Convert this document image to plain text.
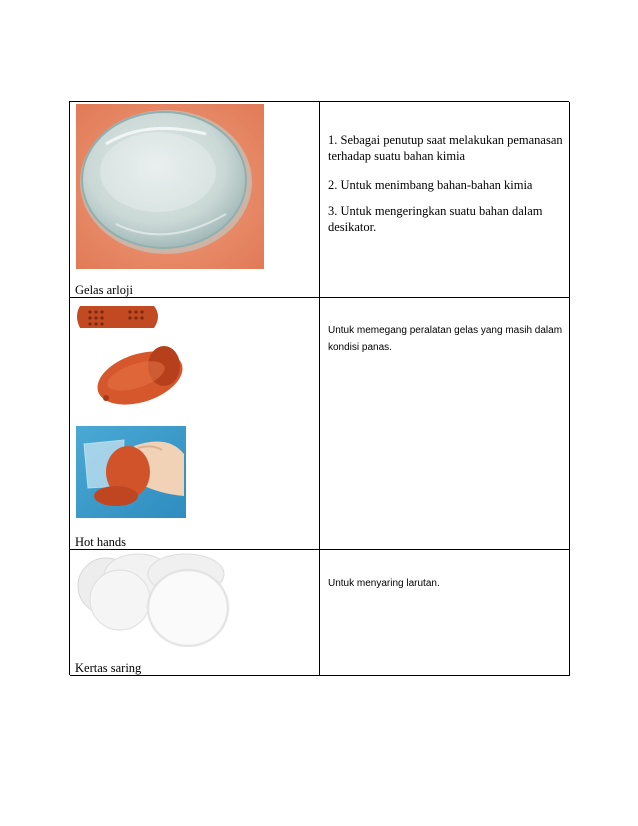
Gelas arloji

1. Sebagai penutup saat melakukan pemanasan terhadap suatu bahan kimia

2. Untuk menimbang bahan-bahan kimia

3. Untuk mengeringkan suatu bahan dalam desikator.

Hot hands

Untuk memegang peralatan gelas yang masih dalam kondisi panas.

Kertas saring

Untuk menyaring larutan.
